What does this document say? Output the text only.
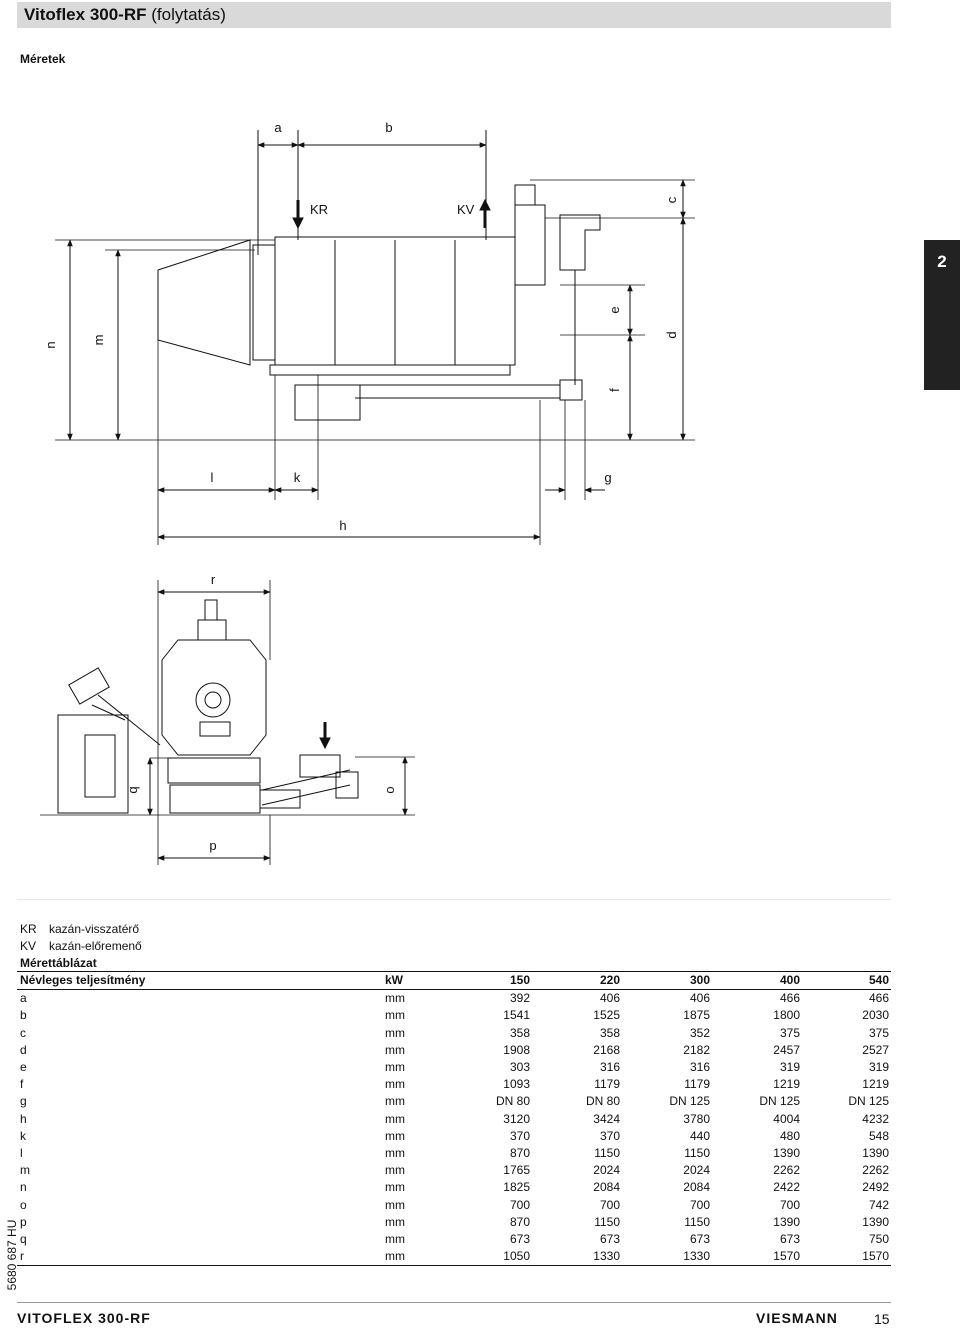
Vitoflex 300-RF (folytatás)
Méretek
2
a	b
KR	KV
n	m
c
d
e
f
l	k	g
h
r
q	o
p
KR kazán-visszatérő
KV kazán-előremenő
Mérettáblázat
Névleges teljesítmény	kW	150	220	300	400	540
a	mm	392	406	406	466	466
b	mm	1541	1525	1875	1800	2030
c	mm	358	358	352	375	375
d	mm	1908	2168	2182	2457	2527
e	mm	303	316	316	319	319
f	mm	1093	1179	1179	1219	1219
g	mm	DN 80	DN 80	DN 125	DN 125	DN 125
h	mm	3120	3424	3780	4004	4232
k	mm	370	370	440	480	548
l	mm	870	1150	1150	1390	1390
m	mm	1765	2024	2024	2262	2262
n	mm	1825	2084	2084	2422	2492
o	mm	700	700	700	700	742
p	mm	870	1150	1150	1390	1390
q	mm	673	673	673	673	750
r	mm	1050	1330	1330	1570	1570
5680 687 HU
VITOFLEX 300-RF	VIESMANN	15
